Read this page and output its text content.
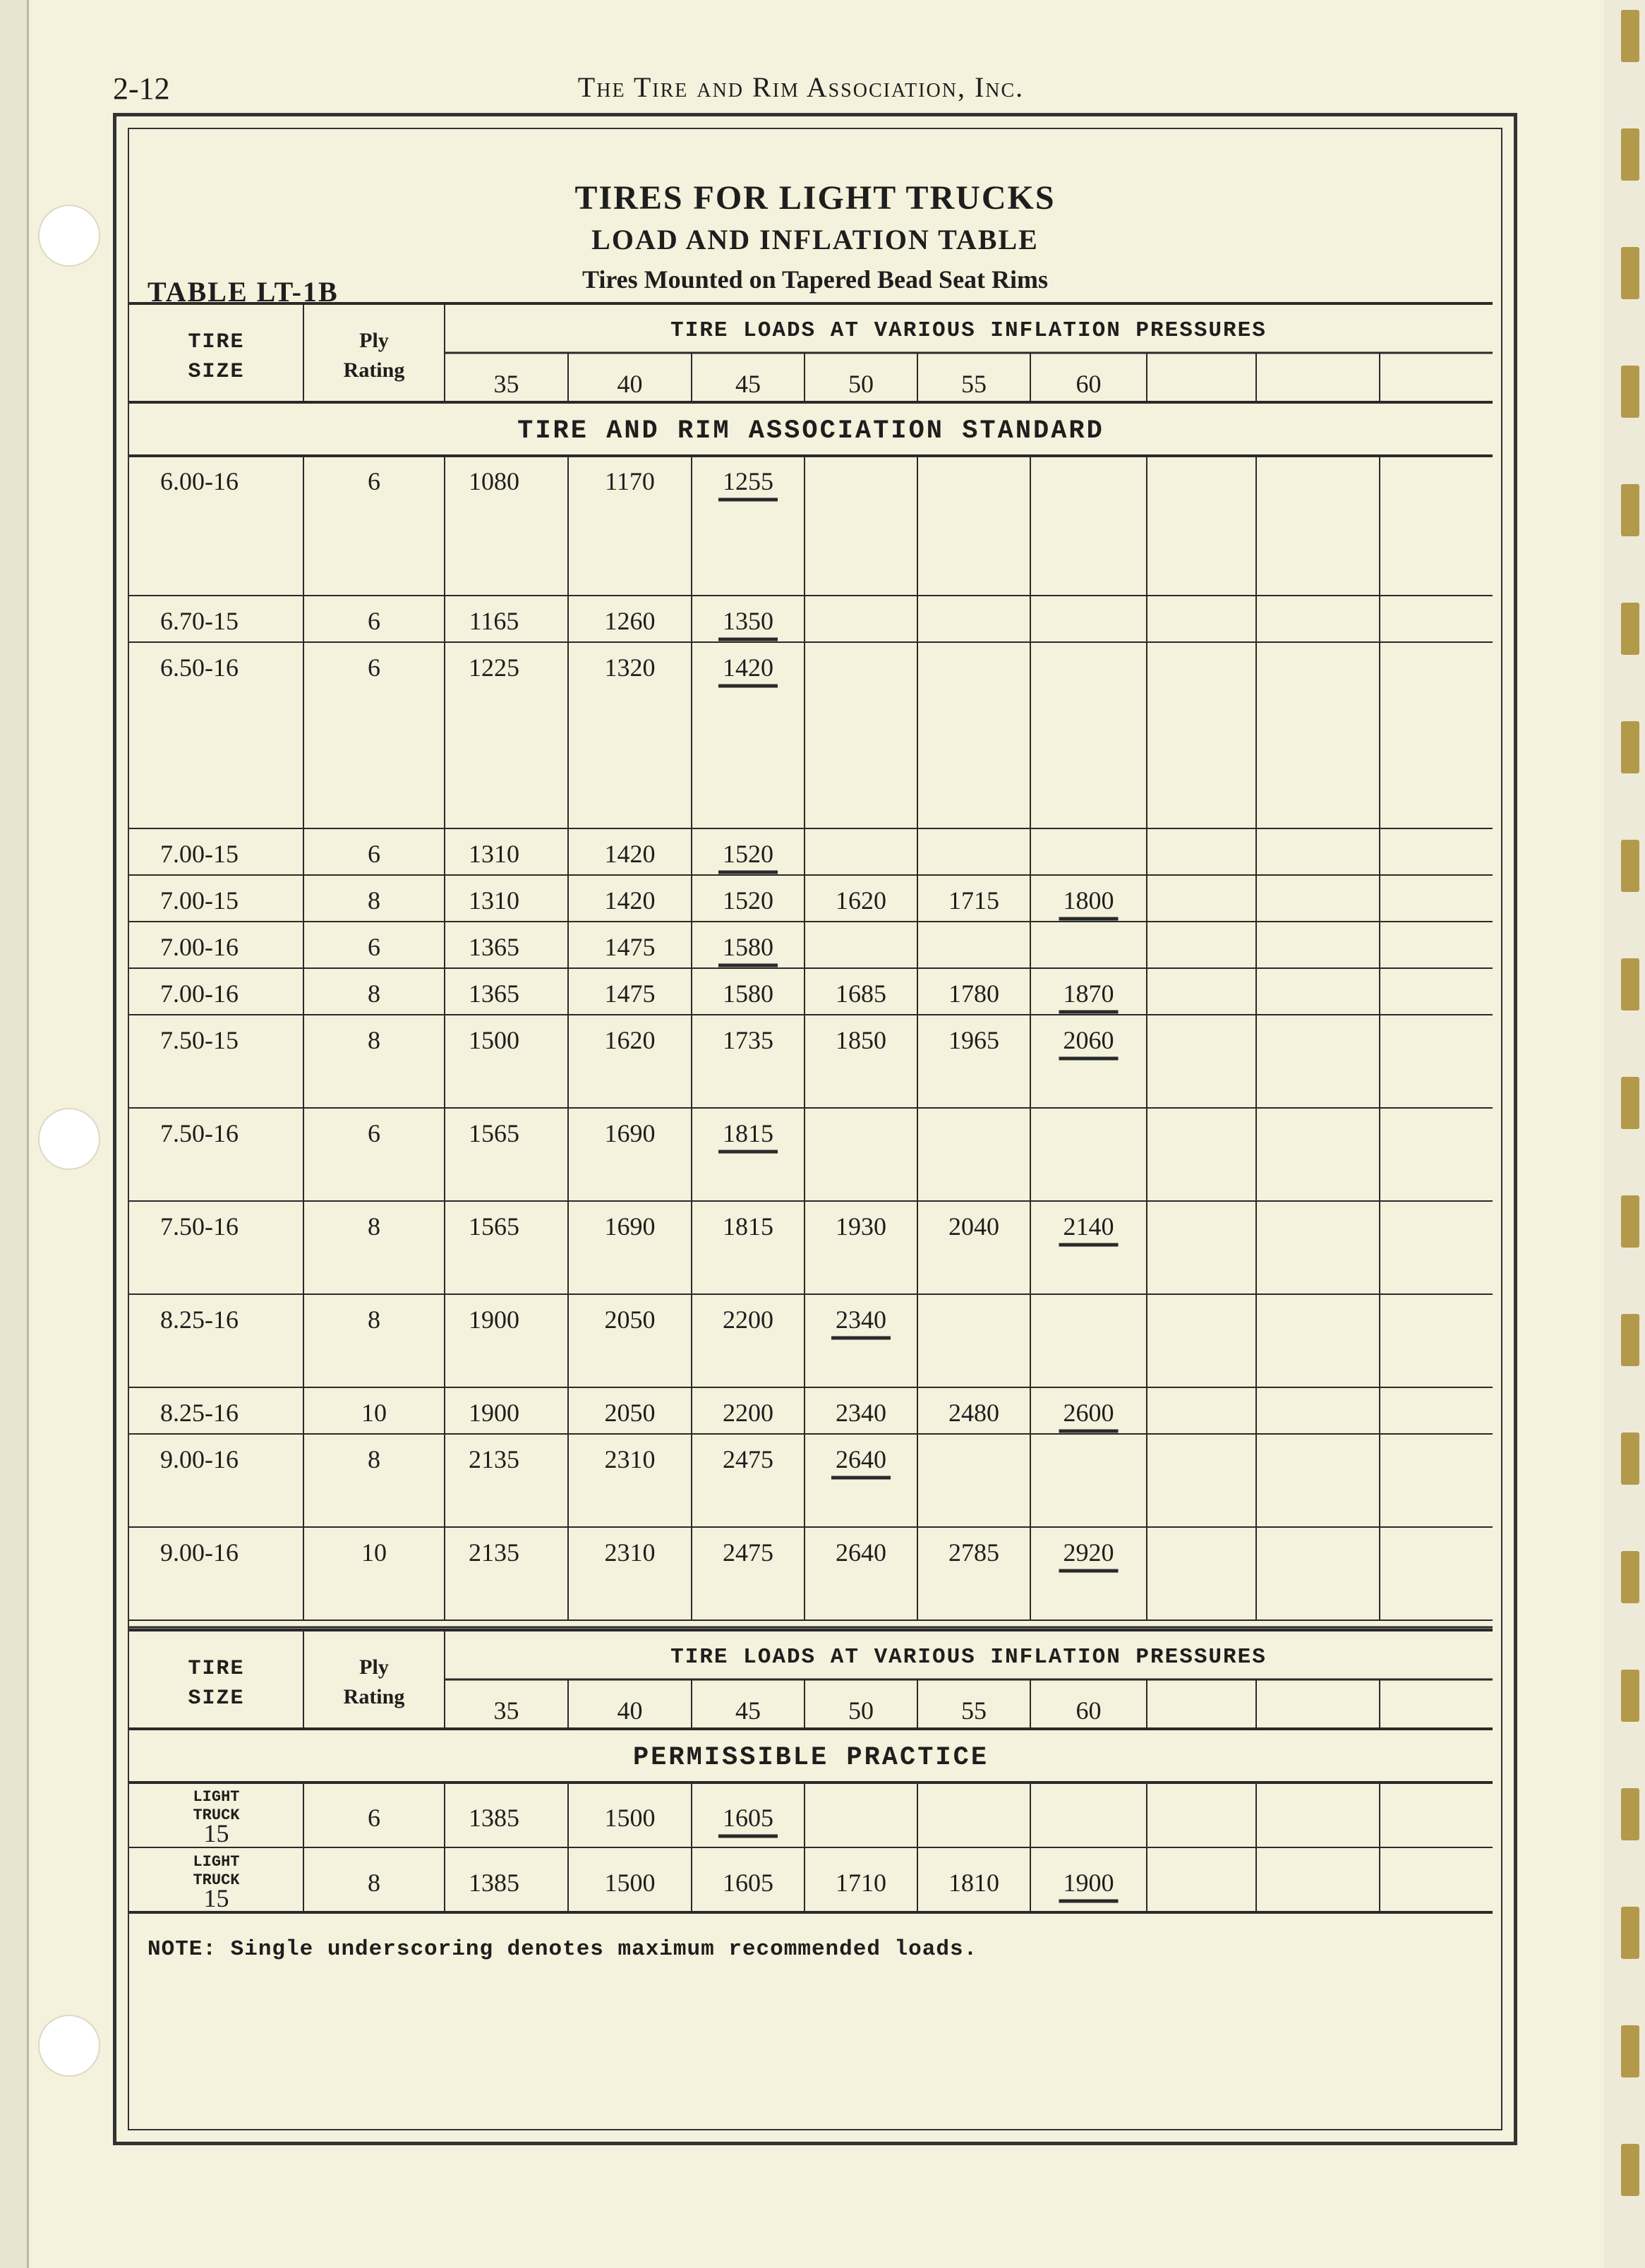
2-12	The Tire and Rim Association, Inc.
TIRES FOR LIGHT TRUCKS
LOAD AND INFLATION TABLE
Tires Mounted on Tapered Bead Seat Rims
TABLE LT-1B
TIRE
SIZE
Ply
Rating
TIRE LOADS AT VARIOUS INFLATION PRESSURES
35	40	45	50	55	60
TIRE AND RIM ASSOCIATION STANDARD
6.00-16	6	1080	1170	1255
6.70-15	6	1165	1260	1350
6.50-16	6	1225	1320	1420
7.00-15	6	1310	1420	1520
7.00-15	8	1310	1420	1520 1620 1715	1800
7.00-16	6	1365	1475	1580
7.00-16	8	1365	1475	1580 1685 1780	1870
7.50-15	8	1500	1620	1735 1850 1965	2060
7.50-16	6	1565	1690	1815
7.50-16	8	1565	1690	1815 1930 2040	2140
8.25-16	8	1900	2050	2200 2340
8.25-16	10	1900	2050	2200 2340 2480	2600
9.00-16	8	2135	2310	2475 2640
9.00-16	10	2135	2310	2475 2640 2785	2920
TIRE
SIZE
Ply
Rating
TIRE LOADS AT VARIOUS INFLATION PRESSURES
35	40	45	50	55	60
PERMISSIBLE PRACTICE
LIGHT
TRUCK
15
6	1385	1500	1605
LIGHT
TRUCK
15
8	1385	1500	1605 1710 1810	1900
NOTE: Single underscoring denotes maximum recommended loads.
